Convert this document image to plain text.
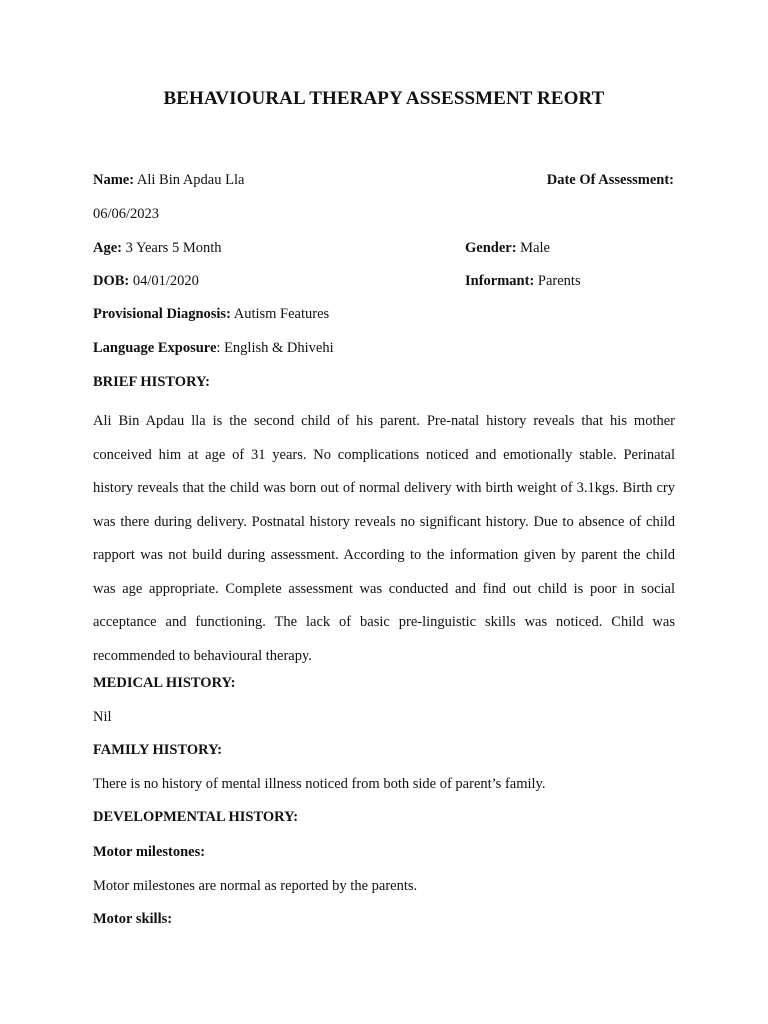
BEHAVIOURAL THERAPY ASSESSMENT REORT
Name: Ali Bin Apdau Lla	Date Of Assessment:
06/06/2023
Age: 3 Years 5 Month	Gender: Male
DOB: 04/01/2020	Informant: Parents
Provisional Diagnosis: Autism Features
Language Exposure: English & Dhivehi
BRIEF HISTORY:

Ali Bin Apdau lla is the second child of his parent. Pre-natal history reveals that his mother conceived him at age of 31 years. No complications noticed and emotionally stable. Perinatal history reveals that the child was born out of normal delivery with birth weight of 3.1kgs. Birth cry was there during delivery. Postnatal history reveals no significant history. Due to absence of child rapport was not build during assessment. According to the information given by parent the child was age appropriate. Complete assessment was conducted and find out child is poor in social acceptance and functioning. The lack of basic pre-linguistic skills was noticed. Child was recommended to behavioural therapy.

MEDICAL HISTORY:
Nil
FAMILY HISTORY:
There is no history of mental illness noticed from both side of parent’s family.
DEVELOPMENTAL HISTORY:
Motor milestones:
Motor milestones are normal as reported by the parents.
Motor skills:
